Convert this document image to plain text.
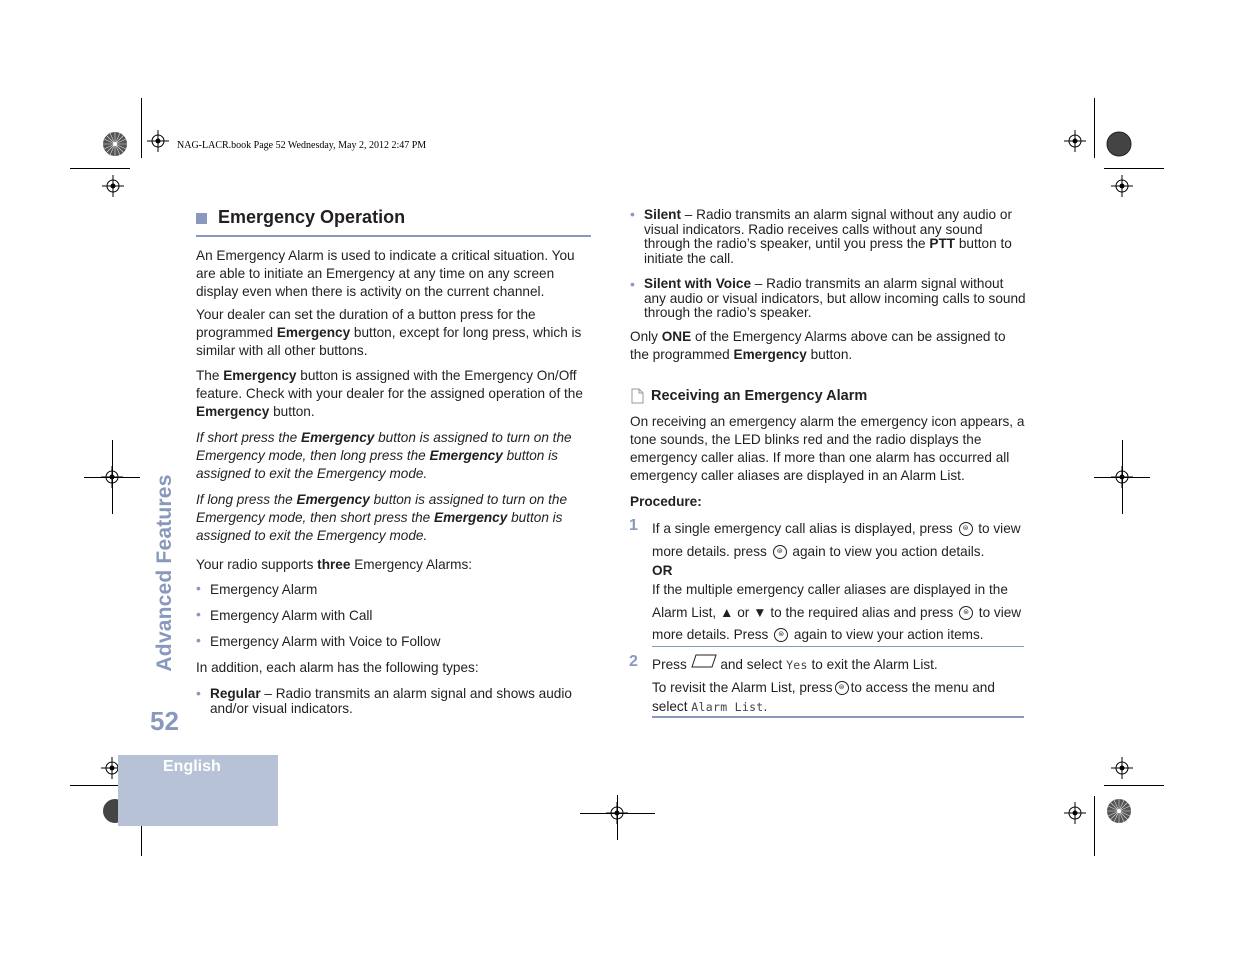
NAG-LACR.book Page 52 Wednesday, May 2, 2012 2:47 PM
Advanced Features
52
English
Emergency Operation

An Emergency Alarm is used to indicate a critical situation. You are able to initiate an Emergency at any time on any screen display even when there is activity on the current channel.

Your dealer can set the duration of a button press for the programmed Emergency button, except for long press, which is similar with all other buttons.

The Emergency button is assigned with the Emergency On/Off feature. Check with your dealer for the assigned operation of the Emergency button.

If short press the Emergency button is assigned to turn on the Emergency mode, then long press the Emergency button is assigned to exit the Emergency mode.

If long press the Emergency button is assigned to turn on the Emergency mode, then short press the Emergency button is assigned to exit the Emergency mode.

Your radio supports three Emergency Alarms:

• Emergency Alarm
• Emergency Alarm with Call
• Emergency Alarm with Voice to Follow
In addition, each alarm has the following types:
• Regular – Radio transmits an alarm signal and shows audio and/or visual indicators.
• Silent – Radio transmits an alarm signal without any audio or visual indicators. Radio receives calls without any sound through the radio’s speaker, until you press the PTT button to initiate the call.
• Silent with Voice – Radio transmits an alarm signal without any audio or visual indicators, but allow incoming calls to sound through the radio’s speaker.
Only ONE of the Emergency Alarms above can be assigned to the programmed Emergency button.
Receiving an Emergency Alarm
On receiving an emergency alarm the emergency icon appears, a tone sounds, the LED blinks red and the radio displays the emergency caller alias. If more than one alarm has occurred all emergency caller aliases are displayed in an Alarm List.
Procedure:
1 If a single emergency call alias is displayed, press ⊜ to view more details. press ⊜ again to view you action details.
OR
If the multiple emergency caller aliases are displayed in the Alarm List, ▲ or ▼ to the required alias and press ⊜ to view more details. Press ⊜ again to view your action items.
2 Press and select Yes to exit the Alarm List.
To revisit the Alarm List, press ⊜ to access the menu and select Alarm List.
